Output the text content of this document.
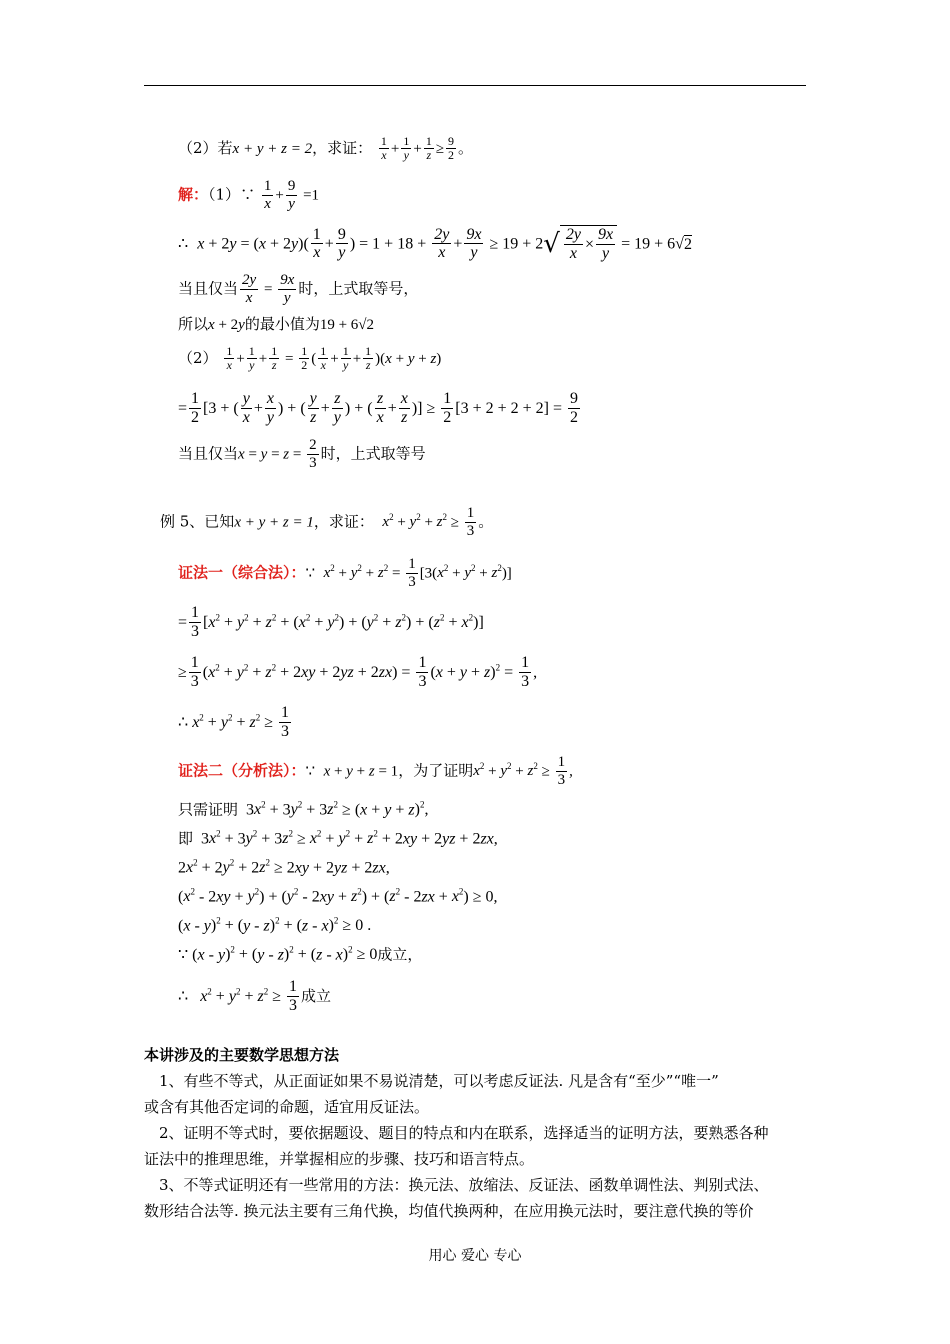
（2）若x + y + z = 2，求证： $\frac{1}{x} + \frac{1}{y} + \frac{1}{z} \ge \frac{9}{2}$ 。
解：（1）∵ $\frac{1}{x} + \frac{9}{y} =1$
∴  $x + 2y = (x + 2y)( \frac{1}{x} + \frac{9}{y}$ ) = $1 + 18 + \frac{2y}{x} + \frac{9x}{y} \ge 19 + 2√ \frac{2y}{x} \times \frac{9x}{y} = 19 + 6√2$
当且仅当 $\frac{2y}{x} = \frac{9x}{y}$ 时，上式取等号，
所以x + 2y的最小值为19 + 6√2
$(2) \frac{1}{x} + \frac{1}{y} + \frac{1}{z} = \frac{1}{2}$ ( $\frac{1}{x} + \frac{1}{y} + \frac{1}{z} )(x + y + z)$
= $\frac{1}{2} [3$ + ( $\frac{y}{x} + \frac{x}{y}$ ) + ( $\frac{y}{z} + \frac{z}{y}$ ) + ( $\frac{z}{x} + \frac{x}{z}$ )] ≥ $\frac{1}{2} [3 + 2 + 2 + 2] = \frac{9}{2}$
当且仅当$x = y = z = \frac{2}{3}$ 时，上式取等号
例 5、已知x + y + z = 1，求证：  $x^2 + y^2 + z^2 \ge \frac{1}{3}$ 。
证法一（综合法）：∵  $x^2 + y^2 + z^2 = \frac{1}{3} [3(x^2 + y^2 + z^2)]$
= $\frac{1}{3} [x^2 + y^2 + z^2 + (x^2 + y^2) + (y^2 + z^2) + (z^2 + x^2)]$
≥ $\frac{1}{3} (x^2 + y^2 + z^2 + 2xy + 2yz + 2zx) = \frac{1}{3} (x + y + z)^2 = \frac{1}{3}$ ,
∴ $x^2 + y^2 + z^2 \ge \frac{1}{3}$
证法二（分析法）：∵  x + y + z = 1，为了证明$x^2 + y^2 + z^2 \ge \frac{1}{3}$ ,
只需证明  $3x^2 + 3y^2 + 3z^2 \ge (x + y + z)^2$,
即  $3x^2 + 3y^2 + 3z^2 \ge x^2 + y^2 + z^2 + 2xy + 2yz + 2zx$,
$2x^2 + 2y^2 + 2z^2 \ge 2xy + 2yz + 2zx$,
$(x^2 - 2xy + y^2) + (y^2 - 2xy + z^2) + (z^2 - 2zx + x^2) \ge 0$,
(x - y)$^2$ + (y - z)$^2$ + (z - x)$^2$ ≥ 0 .
∵ (x - y)$^2$ + (y - z)$^2$ + (z - x)$^2$ ≥ 0成立，
∴   $x^2 + y^2 + z^2 \ge \frac{1}{3}$ 成立
本讲涉及的主要数学思想方法
1、有些不等式，从正面证如果不易说清楚，可以考虑反证法. 凡是含有“至少”“唯一”
或含有其他否定词的命题，适宜用反证法。
2、证明不等式时，要依据题设、题目的特点和内在联系，选择适当的证明方法，要熟悉各种
证法中的推理思维，并掌握相应的步骤、技巧和语言特点。
3、不等式证明还有一些常用的方法：换元法、放缩法、反证法、函数单调性法、判别式法、
数形结合法等. 换元法主要有三角代换，均值代换两种，在应用换元法时，要注意代换的等价
用心 爱心 专心
